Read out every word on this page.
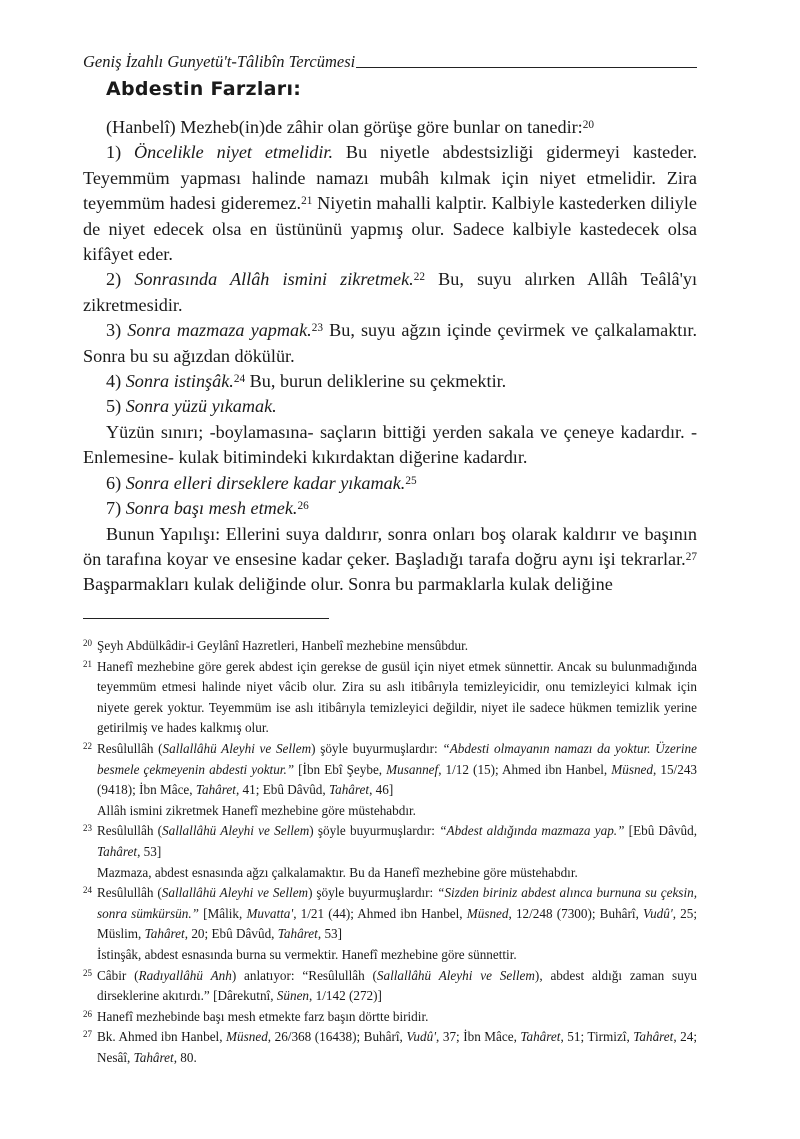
Geniş İzahlı Gunyetü't-Tâlibîn Tercümesi
Abdestin Farzları:

(Hanbelî) Mezheb(in)de zâhir olan görüşe göre bunlar on tanedir:$^{20}$

1) Öncelikle niyet etmelidir. Bu niyetle abdestsizliği gidermeyi kasteder. Teyemmüm yapması halinde namazı mubâh kılmak için niyet etmelidir. Zira teyemmüm hadesi gideremez.$^{21}$ Niyetin mahalli kalptir. Kalbiyle kastederken diliyle de niyet edecek olsa en üstününü yapmış olur. Sadece kalbiyle kastedecek olsa kifâyet eder.

2) Sonrasında Allâh ismini zikretmek.$^{22}$ Bu, suyu alırken Allâh Teâlâ'yı zikretmesidir.

3) Sonra mazmaza yapmak.$^{23}$ Bu, suyu ağzın içinde çevirmek ve çalkalamaktır. Sonra bu su ağızdan dökülür.

4) Sonra istinşâk.$^{24}$ Bu, burun deliklerine su çekmektir.

5) Sonra yüzü yıkamak.

Yüzün sınırı; -boylamasına- saçların bittiği yerden sakala ve çeneye kadardır. -Enlemesine- kulak bitimindeki kıkırdaktan diğerine kadardır.

6) Sonra elleri dirseklere kadar yıkamak.$^{25}$

7) Sonra başı mesh etmek.$^{26}$

Bunun Yapılışı: Ellerini suya daldırır, sonra onları boş olarak kaldırır ve başının ön tarafına koyar ve ensesine kadar çeker. Başladığı tarafa doğru aynı işi tekrarlar.$^{27}$ Başparmakları kulak deliğinde olur. Sonra bu parmaklarla kulak deliğine

$^{20}$ Şeyh Abdülkâdir-i Geylânî Hazretleri, Hanbelî mezhebine mensûbdur.
$^{21}$ Hanefî mezhebine göre gerek abdest için gerekse de gusül için niyet etmek sünnettir. Ancak su bulunmadığında teyemmüm etmesi halinde niyet vâcib olur. Zira su aslı itibârıyla temizleyicidir, onu temizleyici kılmak için niyete gerek yoktur. Teyemmüm ise aslı itibârıyla temizleyici değildir, niyet ile sadece hükmen temizlik yerine getirilmiş ve hades kalkmış olur.
$^{22}$ Resûlullâh (Sallallâhü Aleyhi ve Sellem) şöyle buyurmuşlardır: “Abdesti olmayanın namazı da yoktur. Üzerine besmele çekmeyenin abdesti yoktur.” [İbn Ebî Şeybe, Musannef, 1/12 (15); Ahmed ibn Hanbel, Müsned, 15/243 (9418); İbn Mâce, Tahâret, 41; Ebû Dâvûd, Tahâret, 46]
Allâh ismini zikretmek Hanefî mezhebine göre müstehabdır.
$^{23}$ Resûlullâh (Sallallâhü Aleyhi ve Sellem) şöyle buyurmuşlardır: “Abdest aldığında mazmaza yap.” [Ebû Dâvûd, Tahâret, 53]
Mazmaza, abdest esnasında ağzı çalkalamaktır. Bu da Hanefî mezhebine göre müstehabdır.
$^{24}$ Resûlullâh (Sallallâhü Aleyhi ve Sellem) şöyle buyurmuşlardır: “Sizden biriniz abdest alınca burnuna su çeksin, sonra sümkürsün.” [Mâlik, Muvatta', 1/21 (44); Ahmed ibn Hanbel, Müsned, 12/248 (7300); Buhârî, Vudû', 25; Müslim, Tahâret, 20; Ebû Dâvûd, Tahâret, 53]
İstinşâk, abdest esnasında burna su vermektir. Hanefî mezhebine göre sünnettir.
$^{25}$ Câbir (Radıyallâhü Anh) anlatıyor: “Resûlullâh (Sallallâhü Aleyhi ve Sellem), abdest aldığı zaman suyu dirseklerine akıtırdı.” [Dârekutnî, Sünen, 1/142 (272)]
$^{26}$ Hanefî mezhebinde başı mesh etmekte farz başın dörtte biridir.
$^{27}$ Bk. Ahmed ibn Hanbel, Müsned, 26/368 (16438); Buhârî, Vudû', 37; İbn Mâce, Tahâret, 51; Tirmizî, Tahâret, 24; Nesâî, Tahâret, 80.
